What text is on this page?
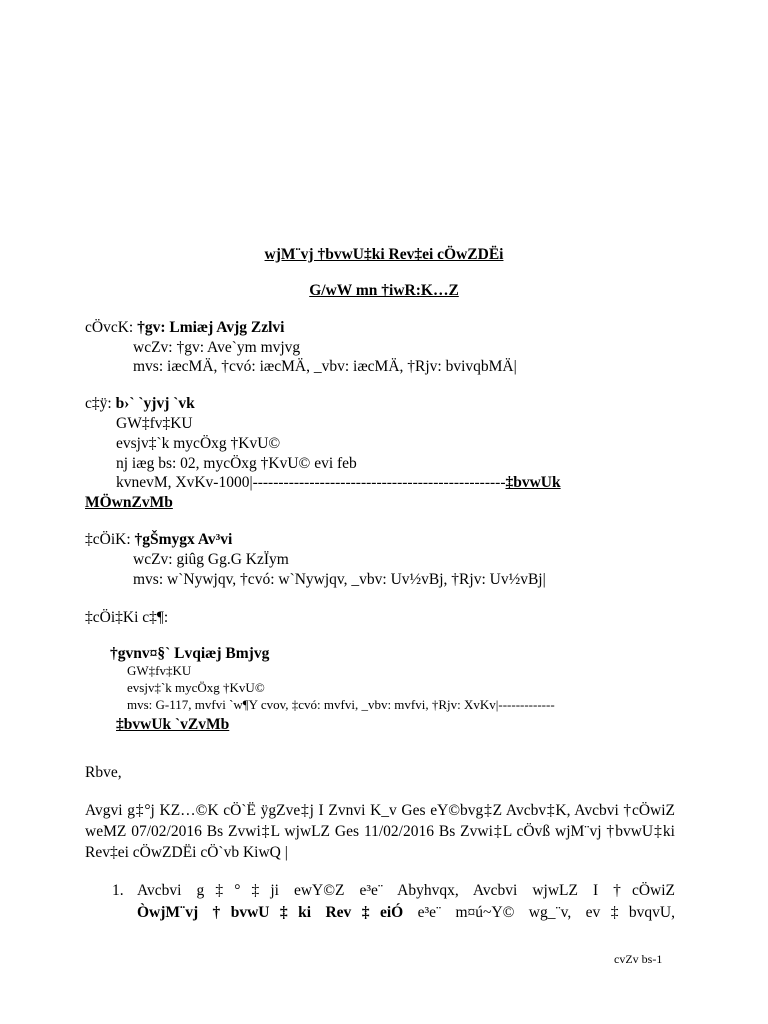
wjM¨vj †bvwU‡ki Rev‡ei cÖwZDËi
G/wW mn †iwR:K…Z
cÖvcK: †gv: Lmiæj Avjg Zzlvi
wcZv: †gv: Ave`ym mvjvg
mvs: iæcMÄ, †cvó: iæcMÄ, _vbv: iæcMÄ, †Rjv: bvivqbMÄ|
c‡ÿ: b›` `yjvj `vk
GW‡fv‡KU
evsjv‡`k mycÖxg †KvU©
nj iæg bs: 02, mycÖxg †KvU© evi feb
kvnevM, XvKv-1000|-------------------------------------------------‡bvwUk
MÖwnZvMb
‡cÖiK: †gŠmygx Av³vi
wcZv: giûg Gg.G KzÏym
mvs: w`Nywjqv, †cvó: w`Nywjqv, _vbv: Uv½vBj, †Rjv: Uv½vBj|
‡cÖi‡Ki c‡¶:
†gvnv¤§` Lvqiæj Bmjvg
GW‡fv‡KU
evsjv‡`k mycÖxg †KvU©
mvs: G-117, mvfvi `w¶Y cvov, ‡cvó: mvfvi, _vbv: mvfvi, †Rjv: XvKv|-------------
‡bvwUk `vZvMb
Rbve,
Avgvi g‡°j KZ…©K cÖ`Ë ÿgZve‡j I Zvnvi K_v Ges eY©bvg‡Z Avcbv‡K, Avcbvi †cÖwiZ weMZ 07/02/2016 Bs Zvwi‡L wjwLZ Ges 11/02/2016 Bs Zvwi‡L cÖvß wjM¨vj †bvwU‡ki Rev‡ei cÖwZDËi cÖ`vb KiwQ |
1. Avcbvi g‡°‡ji ewY©Z e³e¨ Abyhvqx, Avcbvi wjwLZ I †cÖwiZ
ÒwjM¨vj †bvwU‡ki Rev‡eiÓ e³e¨ m¤ú~Y© wg_¨v, ev‡bvqvU,
cvZv bs-1
